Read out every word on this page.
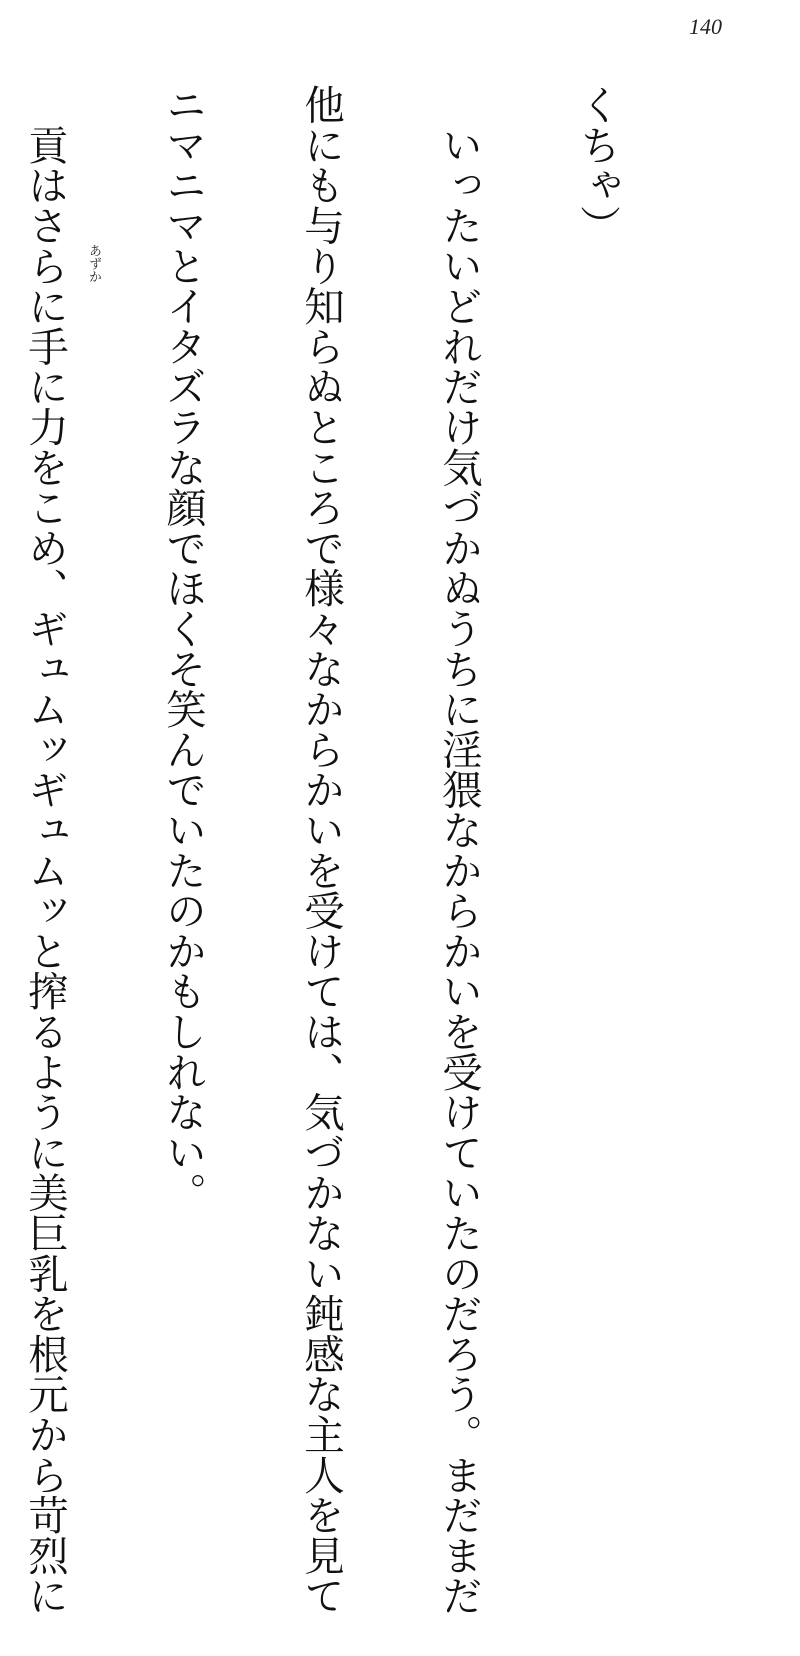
140
あずか

くちゃ）

　いったいどれだけ気づかぬうちに淫猥なからかいを受けていたのだろう。まだまだ

他にも与り知らぬところで様々なからかいを受けては、気づかない鈍感な主人を見て

ニマニマとイタズラな顔でほくそ笑んでいたのかもしれない。

　貢はさらに手に力をこめ、ギュムッギュムッと搾るように美巨乳を根元から苛烈に
